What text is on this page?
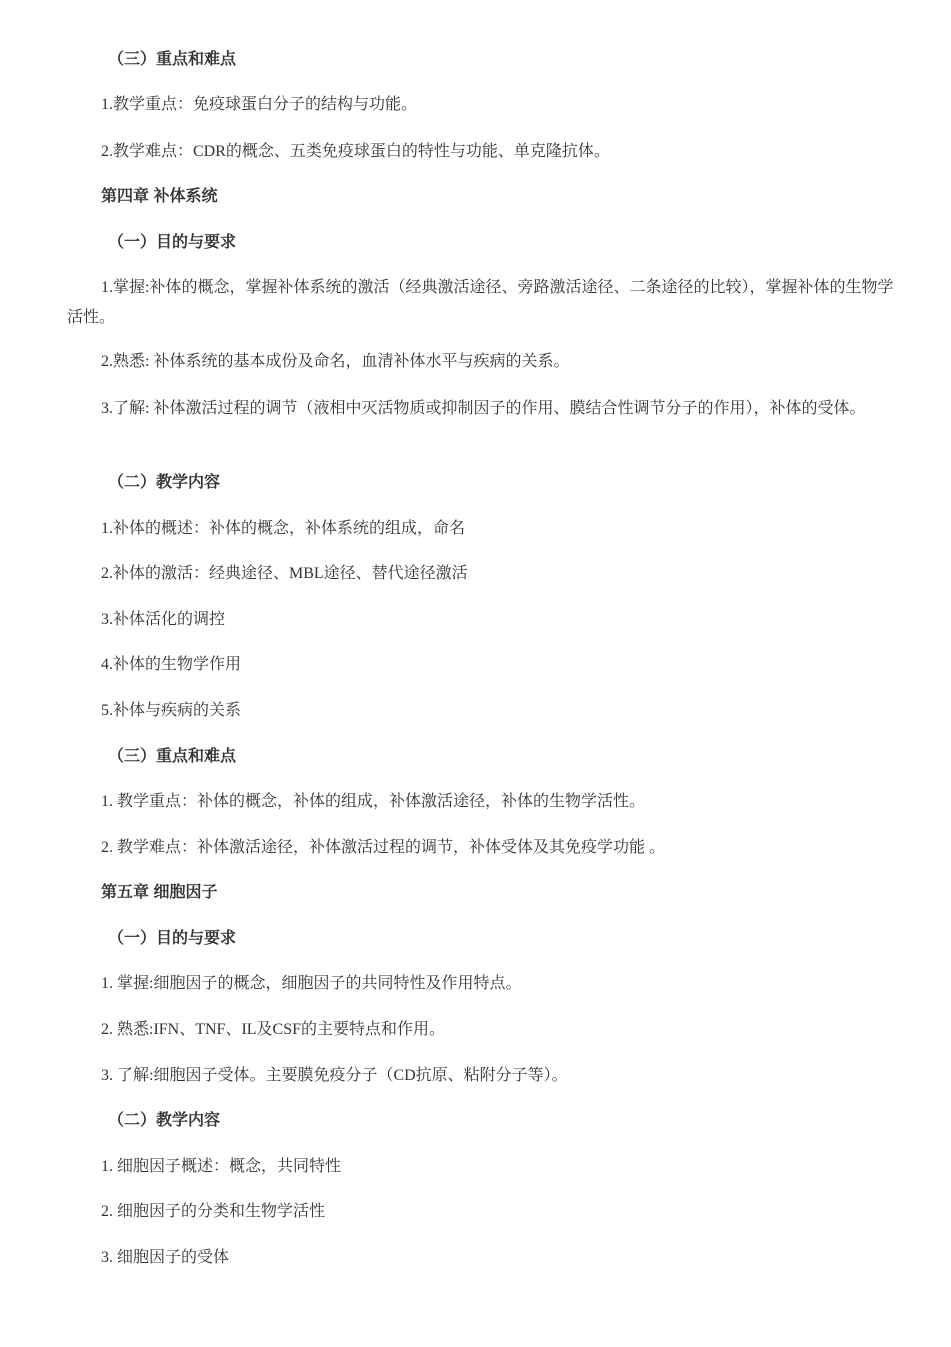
（三）重点和难点
1.教学重点：免疫球蛋白分子的结构与功能。
2.教学难点：CDR的概念、五类免疫球蛋白的特性与功能、单克隆抗体。
第四章 补体系统
（一）目的与要求
1.掌握:补体的概念，掌握补体系统的激活（经典激活途径、旁路激活途径、二条途径的比较），掌握补体的生物学活性。
2.熟悉: 补体系统的基本成份及命名，血清补体水平与疾病的关系。
3.了解: 补体激活过程的调节（液相中灭活物质或抑制因子的作用、膜结合性调节分子的作用），补体的受体。
（二）教学内容
1.补体的概述：补体的概念，补体系统的组成，命名
2.补体的激活：经典途径、MBL途径、替代途径激活
3.补体活化的调控
4.补体的生物学作用
5.补体与疾病的关系
（三）重点和难点
1. 教学重点：补体的概念，补体的组成，补体激活途径，补体的生物学活性。
2. 教学难点：补体激活途径，补体激活过程的调节，补体受体及其免疫学功能 。
第五章 细胞因子
（一）目的与要求
1. 掌握:细胞因子的概念，细胞因子的共同特性及作用特点。
2. 熟悉:IFN、TNF、IL及CSF的主要特点和作用。
3. 了解:细胞因子受体。主要膜免疫分子（CD抗原、粘附分子等）。
（二）教学内容
1. 细胞因子概述：概念，共同特性
2. 细胞因子的分类和生物学活性
3. 细胞因子的受体
